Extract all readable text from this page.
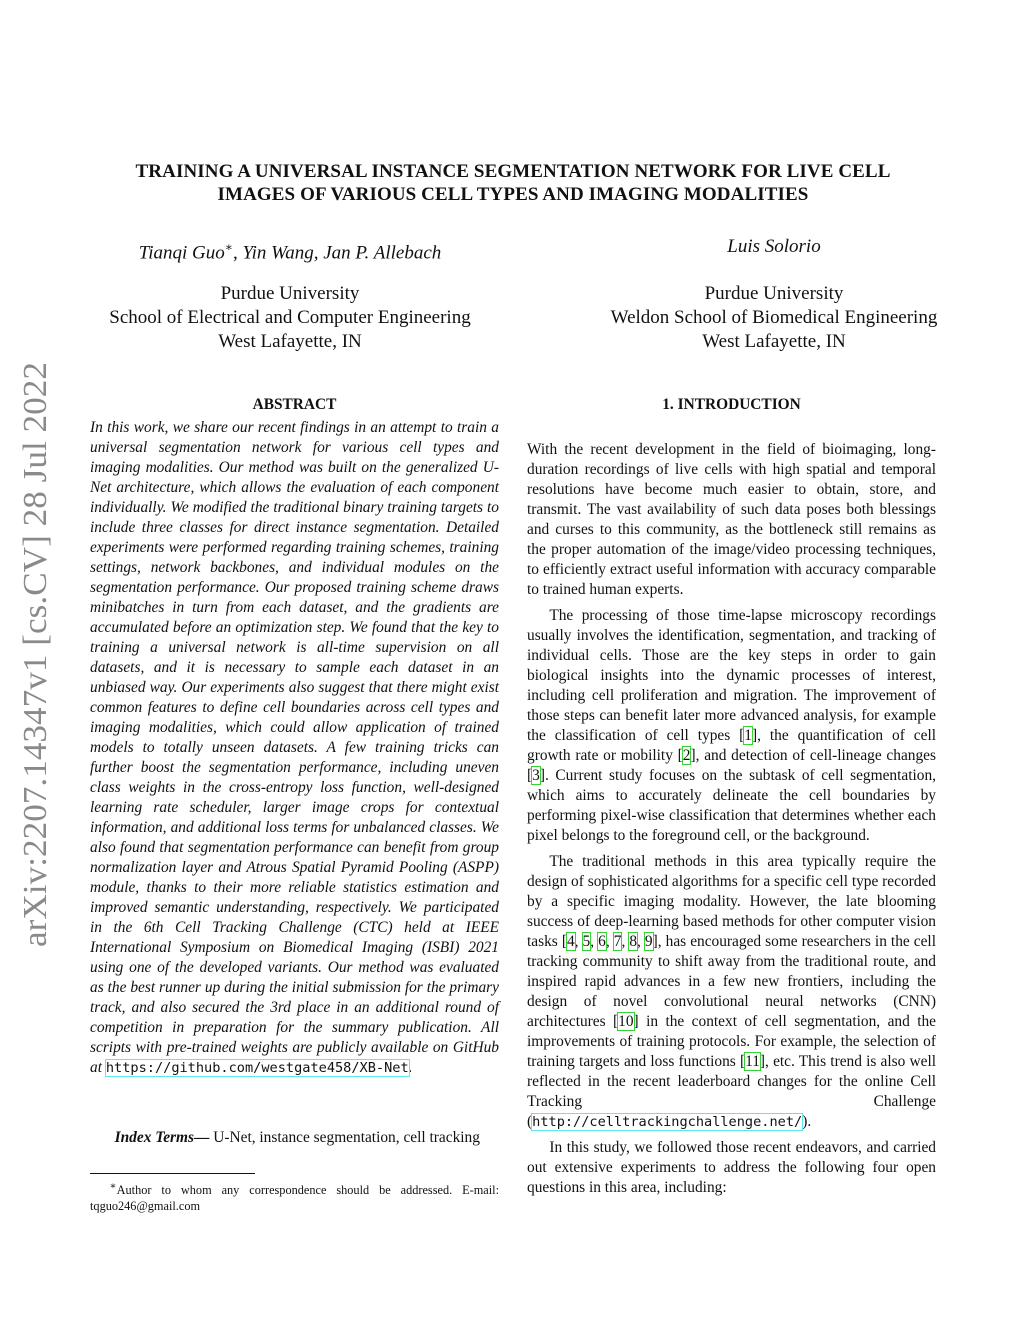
arXiv:2207.14347v1 [cs.CV] 28 Jul 2022
TRAINING A UNIVERSAL INSTANCE SEGMENTATION NETWORK FOR LIVE CELL
IMAGES OF VARIOUS CELL TYPES AND IMAGING MODALITIES
Tianqi Guo∗, Yin Wang, Jan P. Allebach	Luis Solorio
Purdue University
School of Electrical and Computer Engineering
West Lafayette, IN
Purdue University
Weldon School of Biomedical Engineering
West Lafayette, IN
ABSTRACT
In this work, we share our recent findings in an attempt to train a universal segmentation network for various cell types and imaging modalities. Our method was built on the generalized U-Net architecture, which allows the evaluation of each component individually. We modified the traditional binary training targets to include three classes for direct instance segmentation. Detailed experiments were performed regarding training schemes, training settings, network backbones, and individual modules on the segmentation performance. Our proposed training scheme draws minibatches in turn from each dataset, and the gradients are accumulated before an optimization step. We found that the key to training a universal network is all-time supervision on all datasets, and it is necessary to sample each dataset in an unbiased way. Our experiments also suggest that there might exist common features to define cell boundaries across cell types and imaging modalities, which could allow application of trained models to totally unseen datasets. A few training tricks can further boost the segmentation performance, including uneven class weights in the cross-entropy loss function, well-designed learning rate scheduler, larger image crops for contextual information, and additional loss terms for unbalanced classes. We also found that segmentation performance can benefit from group normalization layer and Atrous Spatial Pyramid Pooling (ASPP) module, thanks to their more reliable statistics estimation and improved semantic understanding, respectively. We participated in the 6th Cell Tracking Challenge (CTC) held at IEEE International Symposium on Biomedical Imaging (ISBI) 2021 using one of the developed variants. Our method was evaluated as the best runner up during the initial submission for the primary track, and also secured the 3rd place in an additional round of competition in preparation for the summary publication. All scripts with pre-trained weights are publicly available on GitHub at https://github.com/westgate458/XB-Net.
Index Terms— U-Net, instance segmentation, cell tracking
∗Author to whom any correspondence should be addressed. E-mail: tqguo246@gmail.com
1. INTRODUCTION

With the recent development in the field of bioimaging, long-duration recordings of live cells with high spatial and temporal resolutions have become much easier to obtain, store, and transmit. The vast availability of such data poses both blessings and curses to this community, as the bottleneck still remains as the proper automation of the image/video processing techniques, to efficiently extract useful information with accuracy comparable to trained human experts.

The processing of those time-lapse microscopy recordings usually involves the identification, segmentation, and tracking of individual cells. Those are the key steps in order to gain biological insights into the dynamic processes of interest, including cell proliferation and migration. The improvement of those steps can benefit later more advanced analysis, for example the classification of cell types [1], the quantification of cell growth rate or mobility [2], and detection of cell-lineage changes [3]. Current study focuses on the subtask of cell segmentation, which aims to accurately delineate the cell boundaries by performing pixel-wise classification that determines whether each pixel belongs to the foreground cell, or the background.

The traditional methods in this area typically require the design of sophisticated algorithms for a specific cell type recorded by a specific imaging modality. However, the late blooming success of deep-learning based methods for other computer vision tasks [4, 5, 6, 7, 8, 9], has encouraged some researchers in the cell tracking community to shift away from the traditional route, and inspired rapid advances in a few new frontiers, including the design of novel convolutional neural networks (CNN) architectures [10] in the context of cell segmentation, and the improvements of training protocols. For example, the selection of training targets and loss functions [11], etc. This trend is also well reflected in the recent leaderboard changes for the online Cell Tracking Challenge (http://celltrackingchallenge.net/).

In this study, we followed those recent endeavors, and carried out extensive experiments to address the following four open questions in this area, including:
